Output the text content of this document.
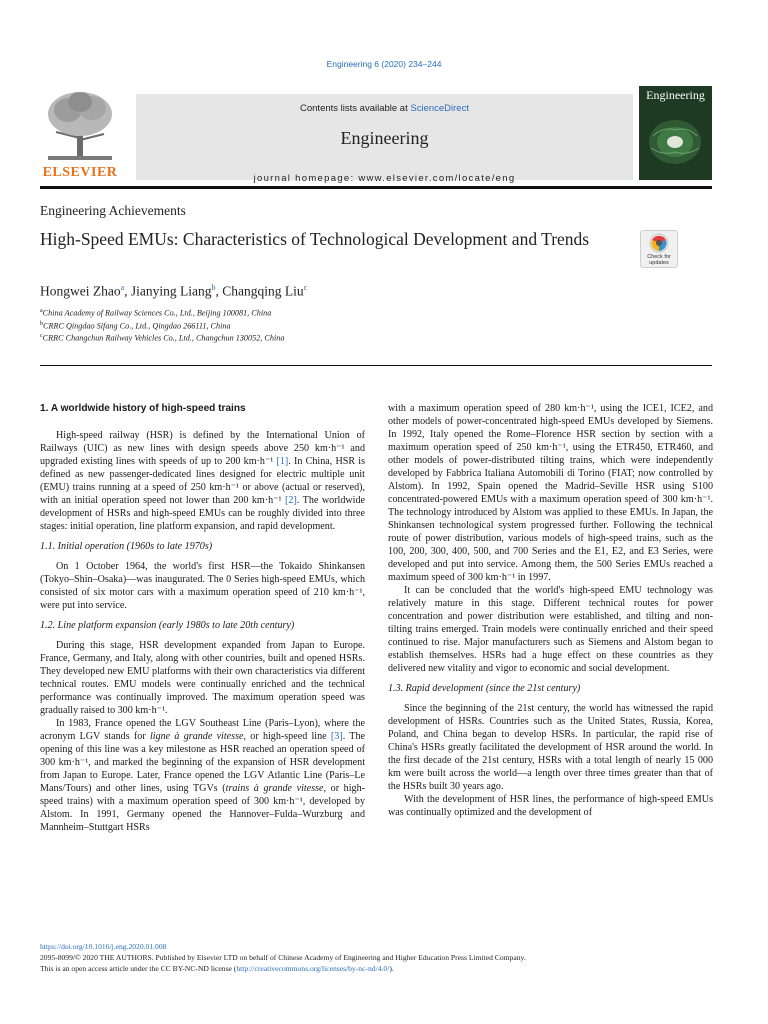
Engineering 6 (2020) 234–244
ELSEVIER
Contents lists available at ScienceDirect
Engineering
journal homepage: www.elsevier.com/locate/eng
Engineering
Engineering Achievements
High-Speed EMUs: Characteristics of Technological Development and Trends
Check for updates
Hongwei Zhao$^a$, Jianying Liang$^b$, Changqing Liu$^c$
$^a$China Academy of Railway Sciences Co., Ltd., Beijing 100081, China
$^b$CRRC Qingdao Sifang Co., Ltd., Qingdao 266111, China
$^c$CRRC Changchun Railway Vehicles Co., Ltd., Changchun 130052, China
1. A worldwide history of high-speed trains

High-speed railway (HSR) is defined by the International Union of Railways (UIC) as new lines with design speeds above 250 km·h⁻¹ and upgraded existing lines with speeds of up to 200 km·h⁻¹ [1]. In China, HSR is defined as new passenger-dedicated lines designed for electric multiple unit (EMU) trains running at a speed of 250 km·h⁻¹ or above (actual or reserved), with an initial operation speed not lower than 200 km·h⁻¹ [2]. The worldwide development of HSRs and high-speed EMUs can be roughly divided into three stages: initial operation, line platform expansion, and rapid development.

1.1. Initial operation (1960s to late 1970s)

On 1 October 1964, the world's first HSR—the Tokaido Shinkansen (Tokyo–Shin–Osaka)—was inaugurated. The 0 Series high-speed EMUs, which consisted of six motor cars with a maximum operation speed of 210 km·h⁻¹, were put into service.

1.2. Line platform expansion (early 1980s to late 20th century)

During this stage, HSR development expanded from Japan to Europe. France, Germany, and Italy, along with other countries, built and opened HSRs. They developed new EMU platforms with their own characteristics via different technical routes. EMU models were continually enriched and the technical performance was continually improved. The maximum operation speed was gradually raised to 300 km·h⁻¹.

In 1983, France opened the LGV Southeast Line (Paris–Lyon), where the acronym LGV stands for ligne à grande vitesse, or high-speed line [3]. The opening of this line was a key milestone as HSR reached an operation speed of 300 km·h⁻¹, and marked the beginning of the expansion of HSR development from Japan to Europe. Later, France opened the LGV Atlantic Line (Paris–Le Mans/Tours) and other lines, using TGVs (trains à grande vitesse, or high-speed trains) with a maximum operation speed of 300 km·h⁻¹, developed by Alstom. In 1991, Germany opened the Hannover–Fulda–Wurzburg and Mannheim–Stuttgart HSRs

with a maximum operation speed of 280 km·h⁻¹, using the ICE1, ICE2, and other models of power-concentrated high-speed EMUs developed by Siemens. In 1992, Italy opened the Rome–Florence HSR section by section with a maximum operation speed of 250 km·h⁻¹, using the ETR450, ETR460, and other models of power-distributed tilting trains, which were independently developed by Fabbrica Italiana Automobili di Torino (FIAT; now controlled by Alstom). In 1992, Spain opened the Madrid–Seville HSR using S100 concentrated-powered EMUs with a maximum operation speed of 300 km·h⁻¹. The technology introduced by Alstom was applied to these EMUs. In Japan, the Shinkansen technological system progressed further. Following the technical route of power distribution, various models of high-speed trains, such as the 100, 200, 300, 400, 500, and 700 Series and the E1, E2, and E3 Series, were developed and put into service. Among them, the 500 Series EMUs reached a maximum speed of 300 km·h⁻¹ in 1997.

It can be concluded that the world's high-speed EMU technology was relatively mature in this stage. Different technical routes for power concentration and power distribution were established, and tilting and non-tilting trains emerged. Train models were continually enriched and their speed continued to rise. Major manufacturers such as Siemens and Alstom began to establish themselves. HSRs had a huge effect on these countries as they delivered new vitality and vigor to economic and social development.

1.3. Rapid development (since the 21st century)

Since the beginning of the 21st century, the world has witnessed the rapid development of HSRs. Countries such as the United States, Russia, Korea, Poland, and China began to develop HSRs. In particular, the rapid rise of China's HSRs greatly facilitated the development of HSR around the world. In the first decade of the 21st century, HSRs with a total length of nearly 15 000 km were built across the world—a length over three times greater than that of the HSRs built 30 years ago.

With the development of HSR lines, the performance of high-speed EMUs was continually optimized and the development of

https://doi.org/10.1016/j.eng.2020.01.008
2095-8099/© 2020 THE AUTHORS. Published by Elsevier LTD on behalf of Chinese Academy of Engineering and Higher Education Press Limited Company.
This is an open access article under the CC BY-NC-ND license (http://creativecommons.org/licenses/by-nc-nd/4.0/).
